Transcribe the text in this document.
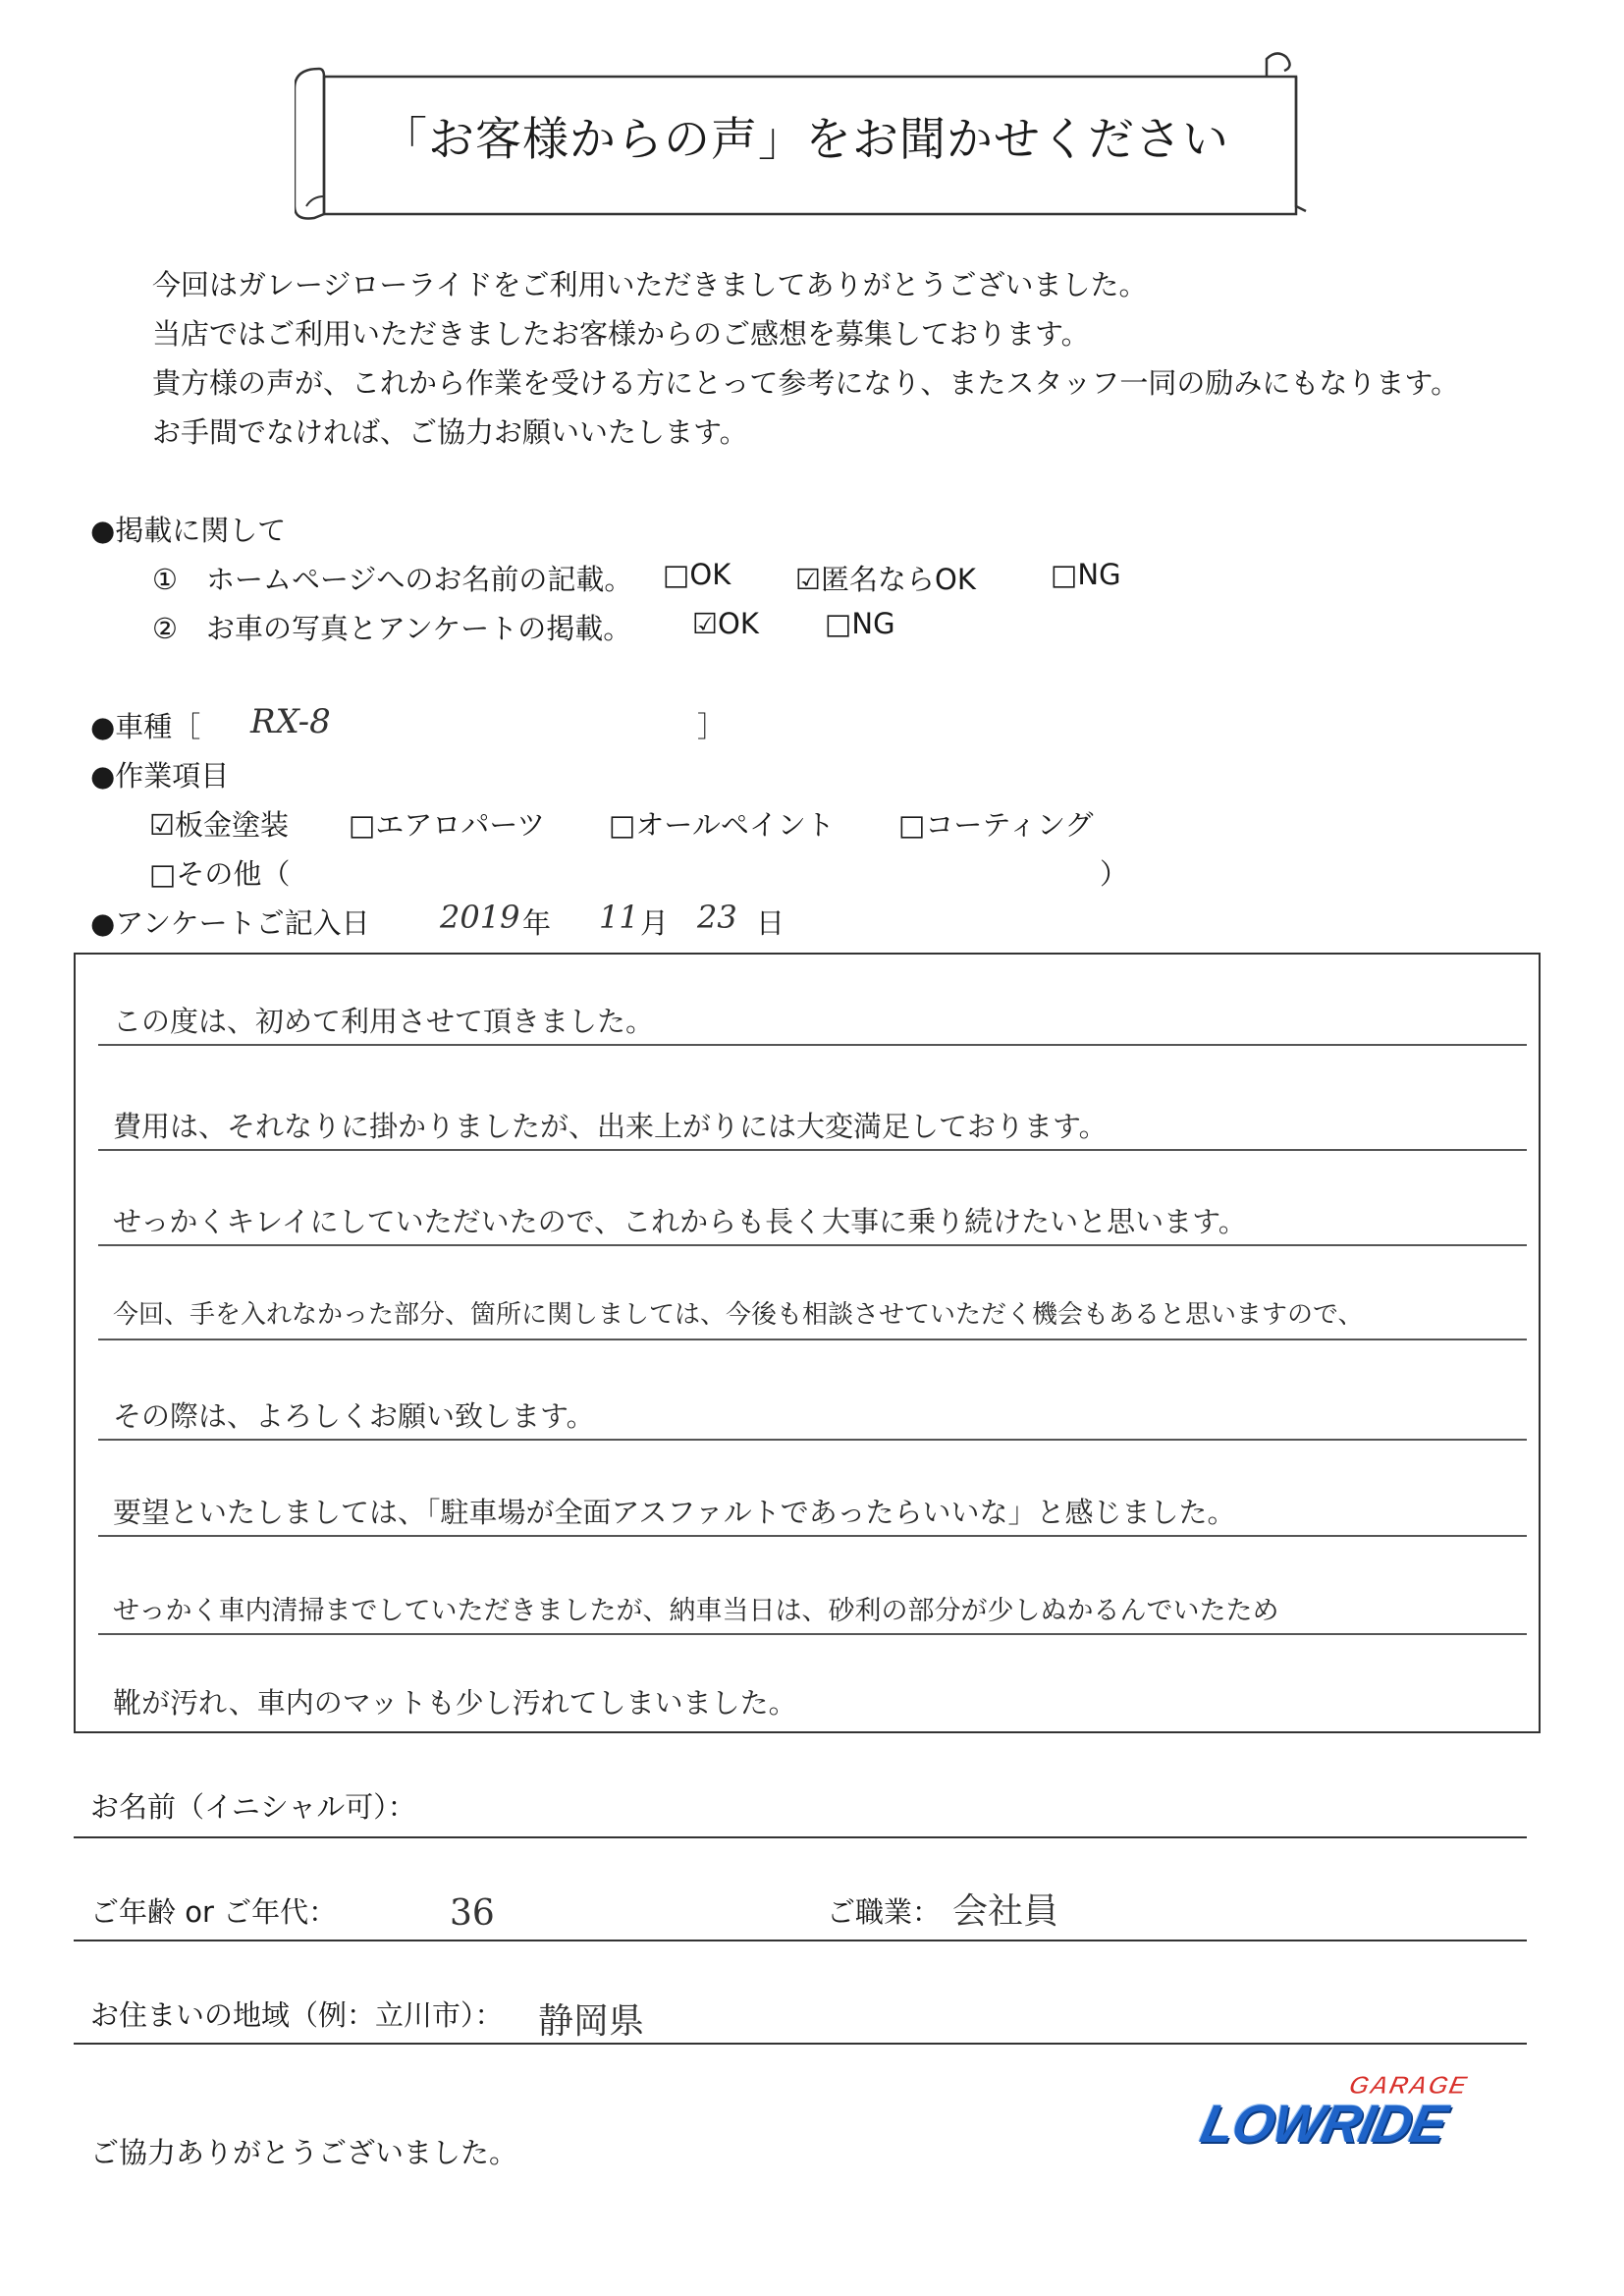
「お客様からの声」をお聞かせください
今回はガレージローライドをご利用いただきましてありがとうございました。
当店ではご利用いただきましたお客様からのご感想を募集しております。
貴方様の声が、これから作業を受ける方にとって参考になり、またスタッフ一同の励みにもなります。
お手間でなければ、ご協力お願いいたします。
●掲載に関して
①　ホームページへのお名前の記載。 □OK ☑匿名ならOK	□NG
②　お車の写真とアンケートの掲載。 ☑OK □NG
●車種［ RX-8	］
●作業項目
☑板金塗装 □エアロパーツ □オールペイント □コーティング
□その他（	）
●アンケートご記入日 2019 年 11 月 23 日
この度は、初めて利用させて頂きました。
費用は、それなりに掛かりましたが、出来上がりには大変満足しております。
せっかくキレイにしていただいたので、これからも長く大事に乗り続けたいと思います。
今回、手を入れなかった部分、箇所に関しましては、今後も相談させていただく機会もあると思いますので、
その際は、よろしくお願い致します。
要望といたしましては、「駐車場が全面アスファルトであったらいいな」と感じました。
せっかく車内清掃までしていただきましたが、納車当日は、砂利の部分が少しぬかるんでいたため
靴が汚れ、車内のマットも少し汚れてしまいました。
お名前（イニシャル可）：
ご年齢 or ご年代：	36	ご職業： 会社員
お住まいの地域（例：立川市）： 静岡県
ご協力ありがとうございました。
GARAGE
LOWRIDE
